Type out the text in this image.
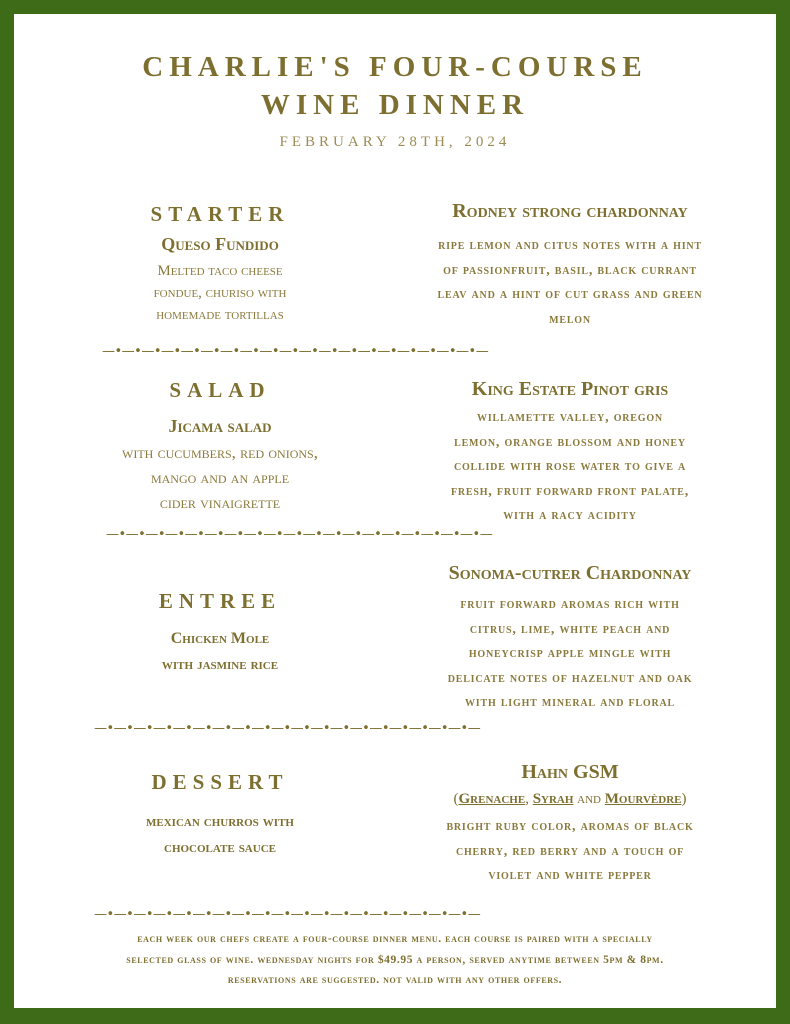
CHARLIE'S FOUR-COURSE
WINE DINNER
FEBRUARY 28TH, 2024
STARTER
Queso Fundido
Melted taco cheese
fondue, churiso with
homemade tortillas
Rodney strong chardonnay
ripe lemon and citus notes with a hint
of passionfruit, basil, black currant
leav and a hint of cut grass and green
melon
—•—•—•—•—•—•—•—•—•—•—•—•—•—•—•—•—•—•—•—
SALAD
Jicama salad
with cucumbers, red onions,
mango and an apple
cider vinaigrette
King Estate Pinot gris
willamette valley, oregon
lemon, orange blossom and honey
collide with rose water to give a
fresh, fruit forward front palate,
with a racy acidity
—•—•—•—•—•—•—•—•—•—•—•—•—•—•—•—•—•—•—•—
ENTREE
Chicken Mole
with jasmine rice
Sonoma-cutrer Chardonnay
fruit forward aromas rich with
citrus, lime, white peach and
honeycrisp apple mingle with
delicate notes of hazelnut and oak
with light mineral and floral
—•—•—•—•—•—•—•—•—•—•—•—•—•—•—•—•—•—•—•—
DESSERT
mexican churros with
chocolate sauce
Hahn GSM
(Grenache, Syrah and Mourvèdre)
bright ruby color, aromas of black
cherry, red berry and a touch of
violet and white pepper
—•—•—•—•—•—•—•—•—•—•—•—•—•—•—•—•—•—•—•—
each week our chefs create a four-course dinner menu. each course is paired with a specially
selected glass of wine. wednesday nights for $49.95 a person, served anytime between 5pm & 8pm.
reservations are suggested. not valid with any other offers.
